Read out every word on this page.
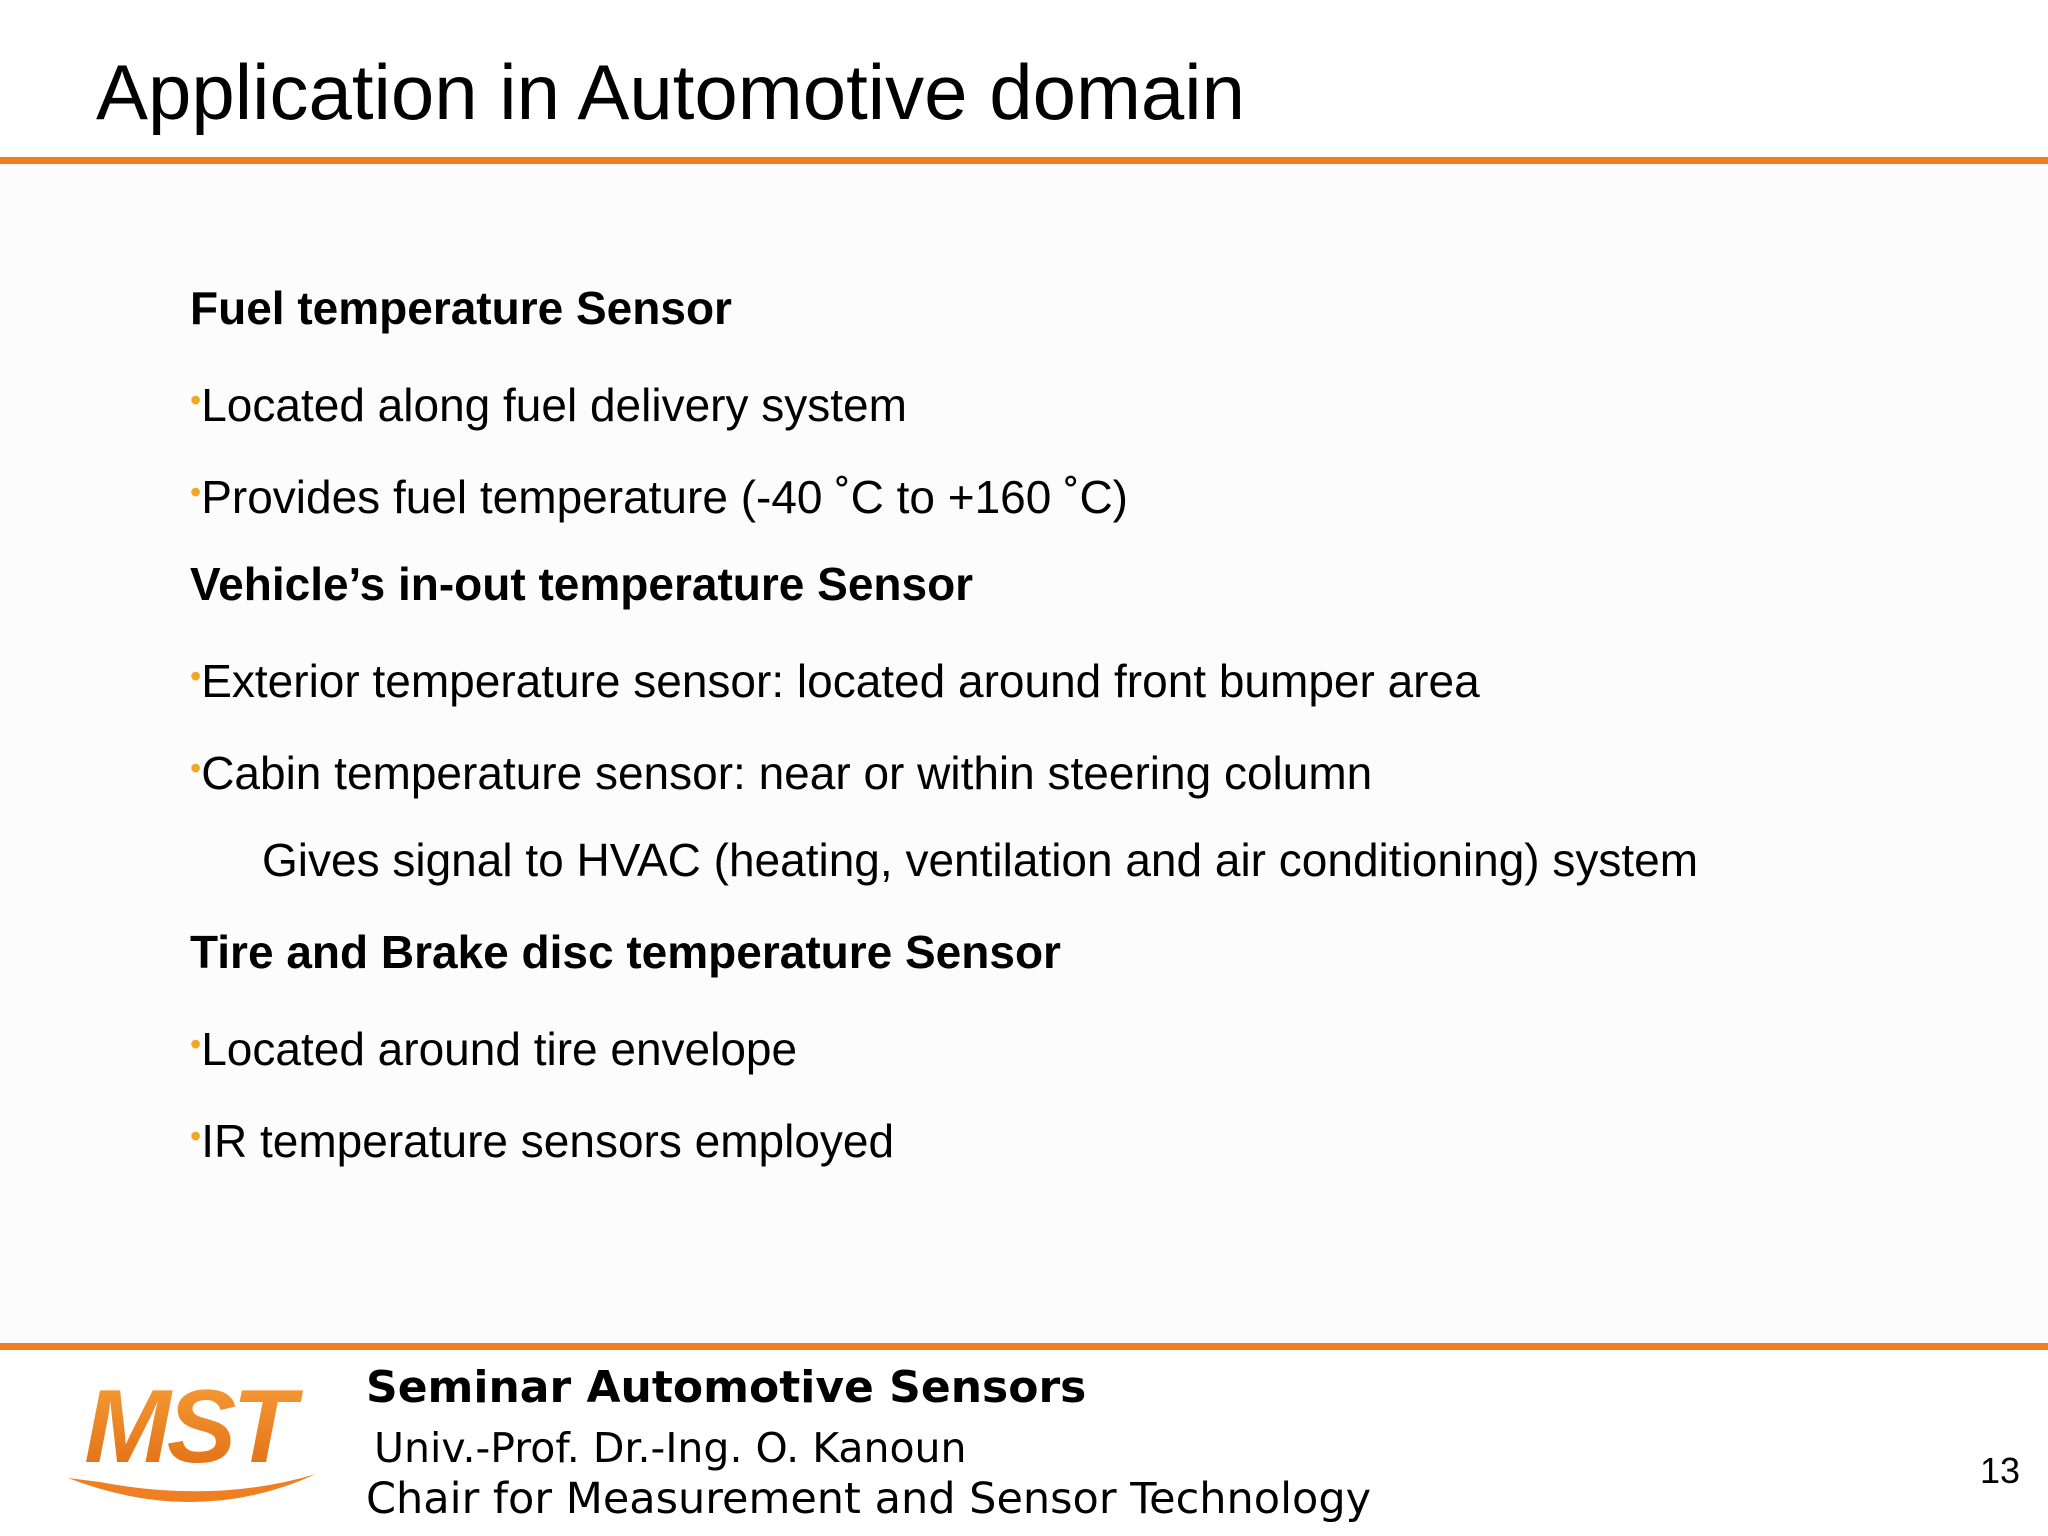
Application in Automotive domain
Fuel temperature Sensor
•Located along fuel delivery system
•Provides fuel temperature (-40 ˚C to +160 ˚C)
Vehicle’s in-out temperature Sensor
•Exterior temperature sensor: located around front bumper area
•Cabin temperature sensor: near or within steering column
Gives signal to HVAC (heating, ventilation and air conditioning) system
Tire and Brake disc temperature Sensor
•Located around tire envelope
•IR temperature sensors employed
MST Seminar Automotive Sensors
Univ.-Prof. Dr.-Ing. O. Kanoun
Chair for Measurement and Sensor Technology
13
